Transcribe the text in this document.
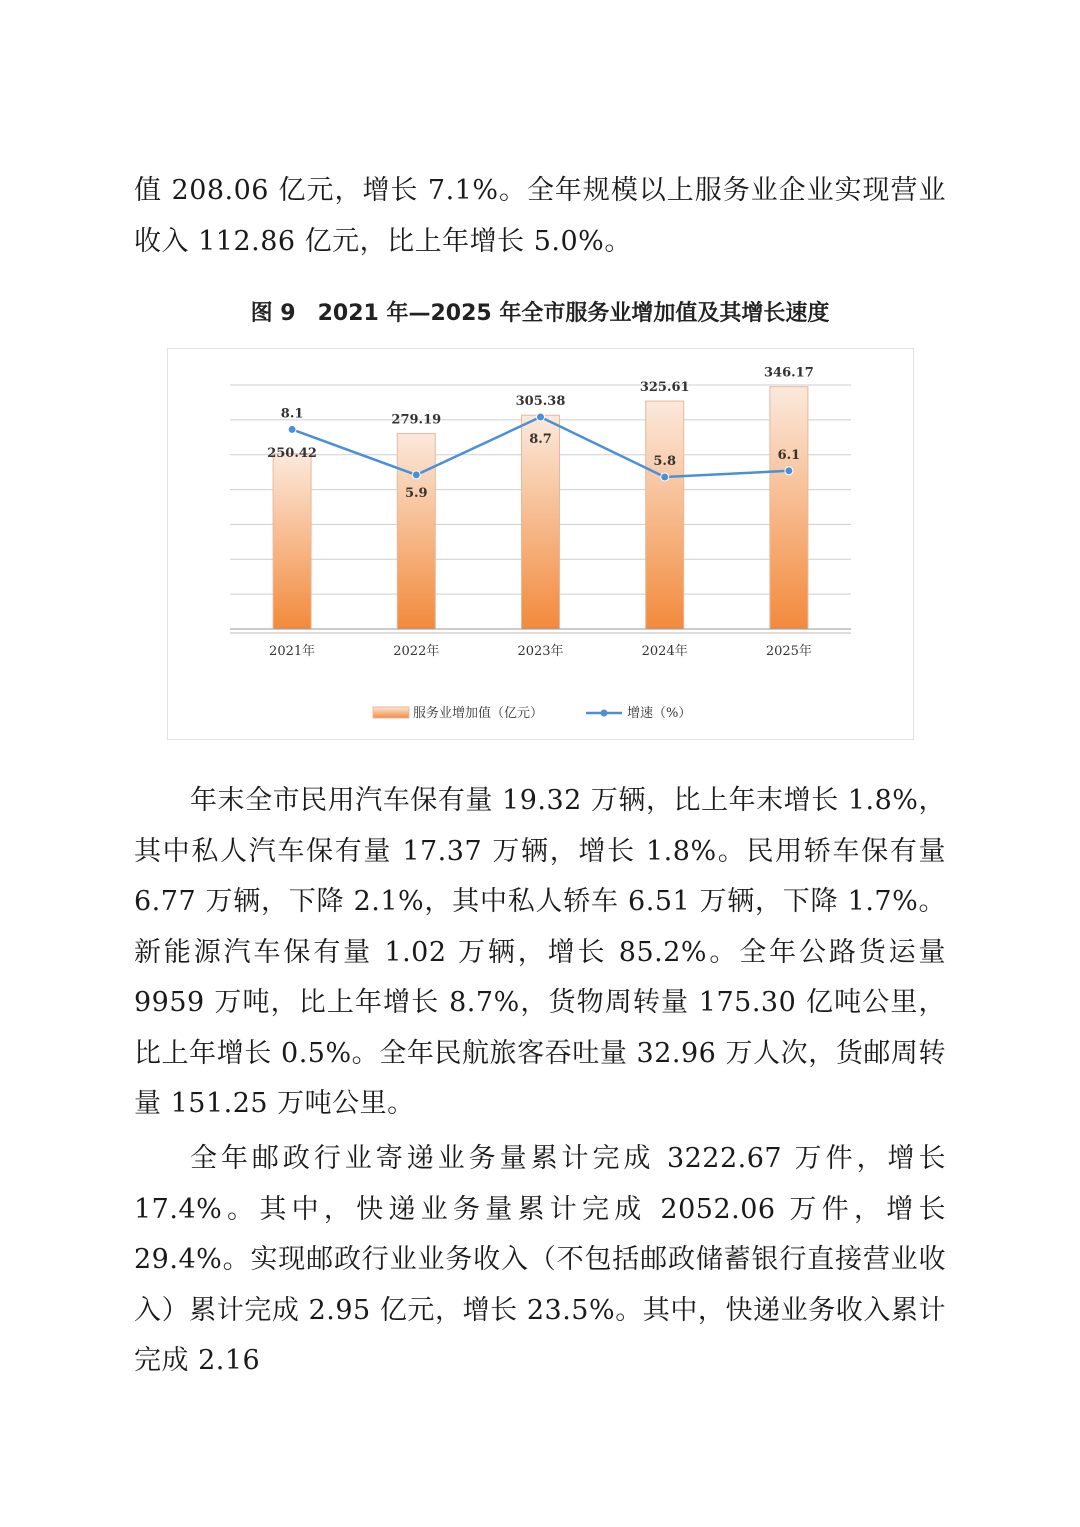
值 208.06 亿元，增长 7.1%。全年规模以上服务业企业实现营业收入 112.86 亿元，比上年增长 5.0%。

图 9　2021 年—2025 年全市服务业增加值及其增长速度
250.42
279.19
305.38
325.61
346.17
8.1
5.9
8.7
5.8	6.1
2021年	2022年	2023年	2024年	2025年
服务业增加值（亿元）	增速（%）

年末全市民用汽车保有量 19.32 万辆，比上年末增长 1.8%，其中私人汽车保有量 17.37 万辆，增长 1.8%。民用轿车保有量 6.77 万辆，下降 2.1%，其中私人轿车 6.51 万辆，下降 1.7%。新能源汽车保有量 1.02 万辆，增长 85.2%。全年公路货运量 9959 万吨，比上年增长 8.7%，货物周转量 175.30 亿吨公里，比上年增长 0.5%。全年民航旅客吞吐量 32.96 万人次，货邮周转量 151.25 万吨公里。

全年邮政行业寄递业务量累计完成 3222.67 万件，增长 17.4%。其中，快递业务量累计完成 2052.06 万件，增长 29.4%。实现邮政行业业务收入（不包括邮政储蓄银行直接营业收入）累计完成 2.95 亿元，增长 23.5%。其中，快递业务收入累计完成 2.16
